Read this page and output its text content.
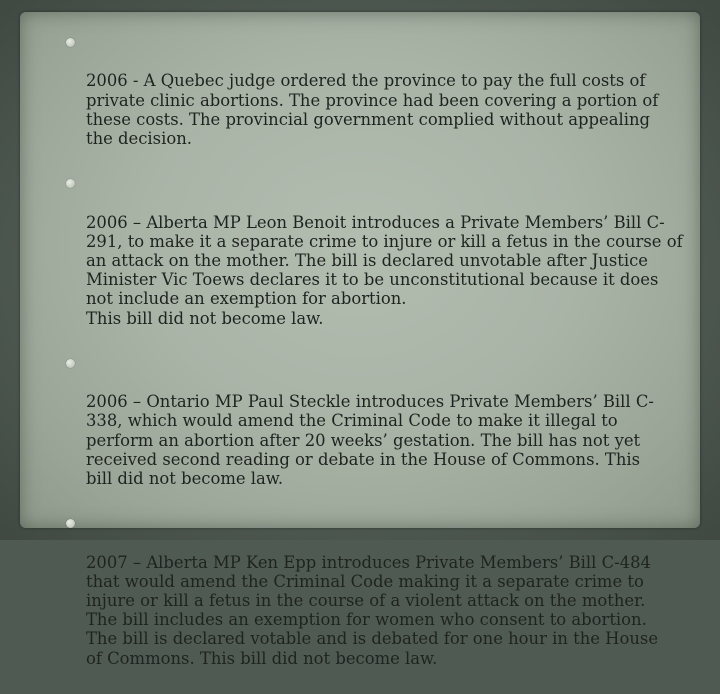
2006 - A Quebec judge ordered the province to pay the full costs of
private clinic abortions. The province had been covering a portion of
these costs. The provincial government complied without appealing
the decision.

2006 – Alberta MP Leon Benoit introduces a Private Members’ Bill C-
291, to make it a separate crime to injure or kill a fetus in the course of
an attack on the mother. The bill is declared unvotable after Justice
Minister Vic Toews declares it to be unconstitutional because it does
not include an exemption for abortion.
This bill did not become law.

2006 – Ontario MP Paul Steckle introduces Private Members’ Bill C-
338, which would amend the Criminal Code to make it illegal to
perform an abortion after 20 weeks’ gestation. The bill has not yet
received second reading or debate in the House of Commons. This
bill did not become law.

2007 – Alberta MP Ken Epp introduces Private Members’ Bill C-484
that would amend the Criminal Code making it a separate crime to
injure or kill a fetus in the course of a violent attack on the mother.
The bill includes an exemption for women who consent to abortion.
The bill is declared votable and is debated for one hour in the House
of Commons. This bill did not become law.
